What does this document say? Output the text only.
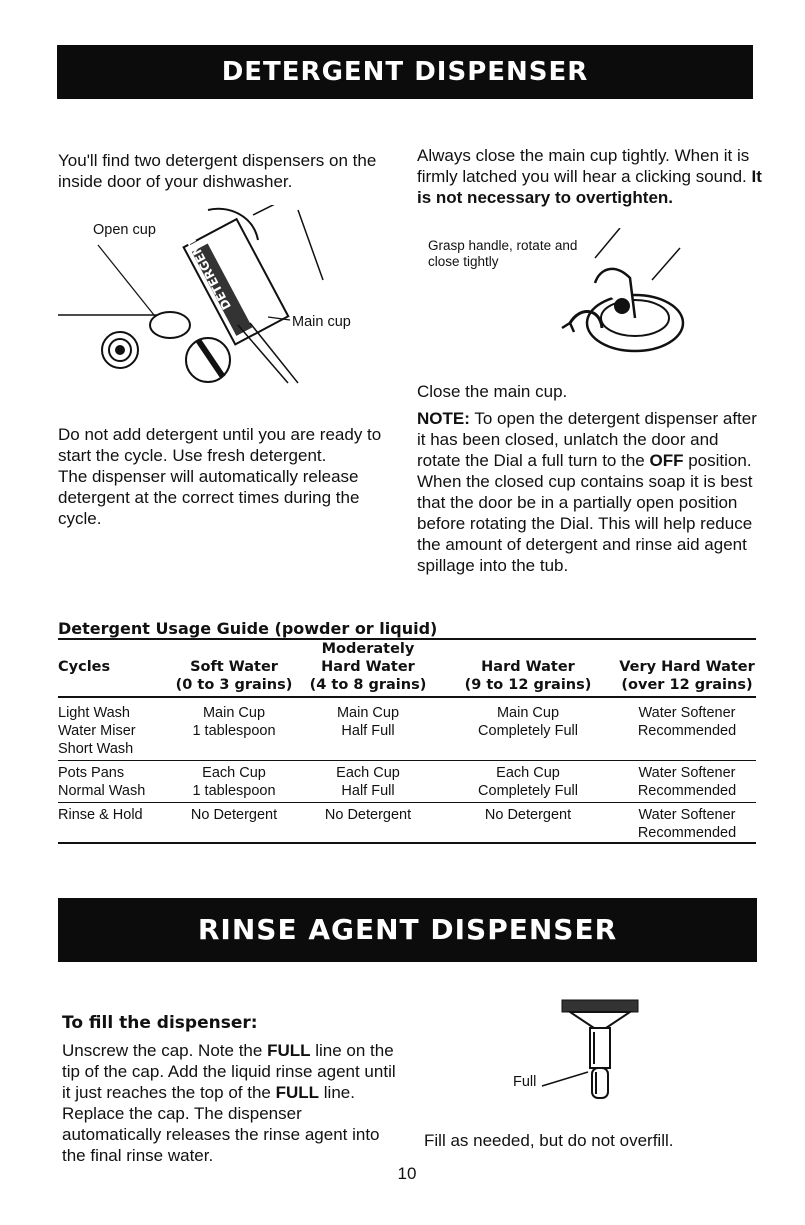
DETERGENT DISPENSER

You'll find two detergent dispensers on the inside door of your dishwasher.

DETERGENT
Open cup
Main cup

Do not add detergent until you are ready to start the cycle. Use fresh detergent.

The dispenser will automatically release detergent at the correct times during the cycle.

Always close the main cup tightly. When it is firmly latched you will hear a clicking sound. It is not necessary to overtighten.

Grasp handle, rotate and close tightly

Close the main cup.

NOTE: To open the detergent dispenser after it has been closed, unlatch the door and rotate the Dial a full turn to the OFF position. When the closed cup contains soap it is best that the door be in a partially open position before rotating the Dial. This will help reduce the amount of detergent and rinse aid agent spillage into the tub.

Detergent Usage Guide (powder or liquid)
		Moderately		
Cycles	Soft Water	Hard Water	Hard Water	Very Hard Water
	(0 to 3 grains)	(4 to 8 grains)	(9 to 12 grains)	(over 12 grains)
Light Wash	Main Cup	Main Cup	Main Cup	Water Softener
Water Miser	1 tablespoon	Half Full	Completely Full	Recommended
Short Wash				
Pots Pans	Each Cup	Each Cup	Each Cup	Water Softener
Normal Wash	1 tablespoon	Half Full	Completely Full	Recommended
Rinse & Hold	No Detergent	No Detergent	No Detergent	Water Softener
				Recommended
RINSE AGENT DISPENSER
To fill the dispenser:

Unscrew the cap. Note the FULL line on the tip of the cap. Add the liquid rinse agent until it just reaches the top of the FULL line. Replace the cap. The dispenser automatically releases the rinse agent into the final rinse water.

Full

Fill as needed, but do not overfill.

10
